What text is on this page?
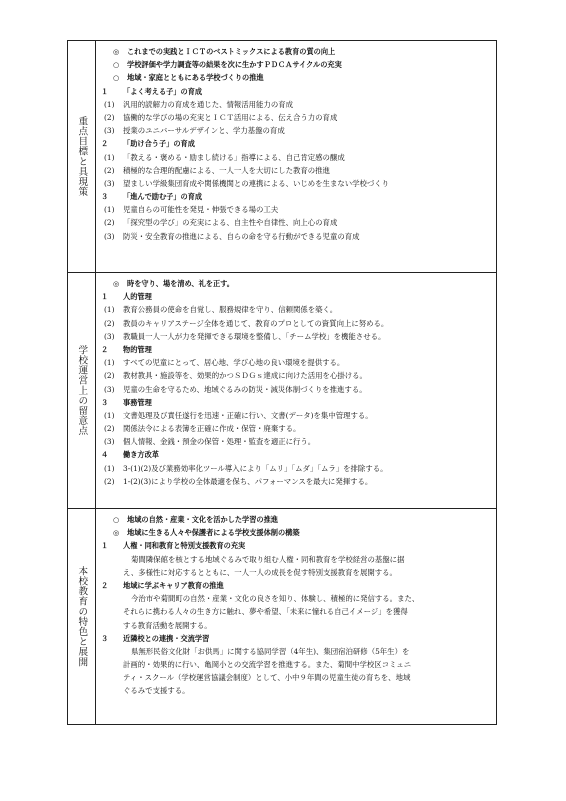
重点目標と具現策
◎ これまでの実践とＩＣＴのベストミックスによる教育の質の向上
○ 学校評価や学力調査等の結果を次に生かすＰＤＣＡサイクルの充実
○ 地域・家庭とともにある学校づくりの推進
１ 「よく考える子」の育成
(1) 汎用的読解力の育成を通じた、情報活用能力の育成
(2) 協働的な学びの場の充実とＩＣＴ活用による、伝え合う力の育成
(3) 授業のユニバーサルデザインと、学力基盤の育成
２ 「助け合う子」の育成
(1) 「教える・褒める・励まし続ける」指導による、自己肯定感の醸成
(2) 積極的な合理的配慮による、一人一人を大切にした教育の推進
(3) 望ましい学級集団育成や関係機関との連携による、いじめを生まない学校づくり
３ 「進んで励む子」の育成
(1) 児童自らの可能性を発見・伸張できる場の工夫
(2) 「探究型の学び」の充実による、自主性や自律性、向上心の育成
(3) 防災・安全教育の推進による、自らの命を守る行動ができる児童の育成
学校運営上の留意点
◎ 時を守り、場を清め、礼を正す。
１ 人的管理
(1) 教育公務員の使命を自覚し、服務規律を守り、信頼関係を築く。
(2) 教員のキャリアステージ全体を通じて、教育のプロとしての資質向上に努める。
(3) 教職員一人一人が力を発揮できる環境を整備し、「チーム学校」を機能させる。
２ 物的管理
(1) すべての児童にとって、居心地、学び心地の良い環境を提供する。
(2) 教材教具・施設等を、効果的かつＳＤＧｓ達成に向けた活用を心掛ける。
(3) 児童の生命を守るため、地域ぐるみの防災・減災体制づくりを推進する。
３ 事務管理
(1) 文書処理及び責任遂行を迅速・正確に行い、文書(データ)を集中管理する。
(2) 関係法令による表簿を正確に作成・保管・廃棄する。
(3) 個人情報、金銭・預金の保管・処理・監査を適正に行う。
４ 働き方改革
(1) 3-(1)(2)及び業務効率化ツール導入により「ムリ」「ムダ」「ムラ」を排除する。
(2) 1-(2)(3)により学校の全体最適を保ち、パフォーマンスを最大に発揮する。
本校教育の特色と展開
○ 地域の自然・産業・文化を活かした学習の推進
◎ 地域に生きる人々や保護者による学校支援体制の構築
１ 人権・同和教育と特別支援教育の充実
菊間隣保館を核とする地域ぐるみで取り組む人権・同和教育を学校経営の基盤に据
え、多様性に対応するとともに、一人一人の成長を促す特別支援教育を展開する。
２ 地域に学ぶキャリア教育の推進
今治市や菊間町の自然・産業・文化の良さを知り、体験し、積極的に発信する。また、
それらに携わる人々の生き方に触れ、夢や希望、「未来に憧れる自己イメージ」を獲得
する教育活動を展開する。
３ 近隣校との連携・交流学習
県無形民俗文化財「お供馬」に関する協同学習（4年生)、集団宿泊研修（5年生）を
計画的・効果的に行い、亀岡小との交流学習を推進する。また、菊間中学校区コミュニ
ティ・スクール（学校運営協議会制度）として、小中９年間の児童生徒の育ちを、地域
ぐるみで支援する。
